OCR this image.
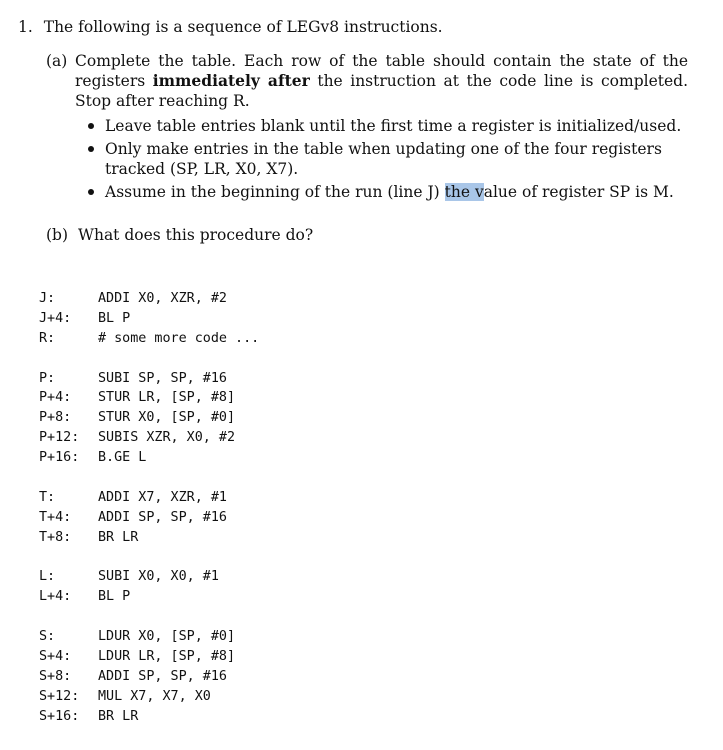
1. The following is a sequence of LEGv8 instructions.
(a) Complete the table. Each row of the table should contain the state of the registers immediately after the instruction at the code line is completed. Stop after reaching R.
Leave table entries blank until the first time a register is initialized/used.
Only make entries in the table when updating one of the four registers tracked (SP, LR, X0, X7).
Assume in the beginning of the run (line J) the value of register SP is M.
(b) What does this procedure do?
J:	ADDI X0, XZR, #2
J+4: BL P
R:	# some more code ...
P:	SUBI SP, SP, #16
P+4: STUR LR, [SP, #8]
P+8: STUR X0, [SP, #0]
P+12: SUBIS XZR, X0, #2
P+16: B.GE L
T:	ADDI X7, XZR, #1
T+4: ADDI SP, SP, #16
T+8: BR LR
L:	SUBI X0, X0, #1
L+4: BL P
S:	LDUR X0, [SP, #0]
S+4: LDUR LR, [SP, #8]
S+8: ADDI SP, SP, #16
S+12: MUL X7, X7, X0
S+16: BR LR
